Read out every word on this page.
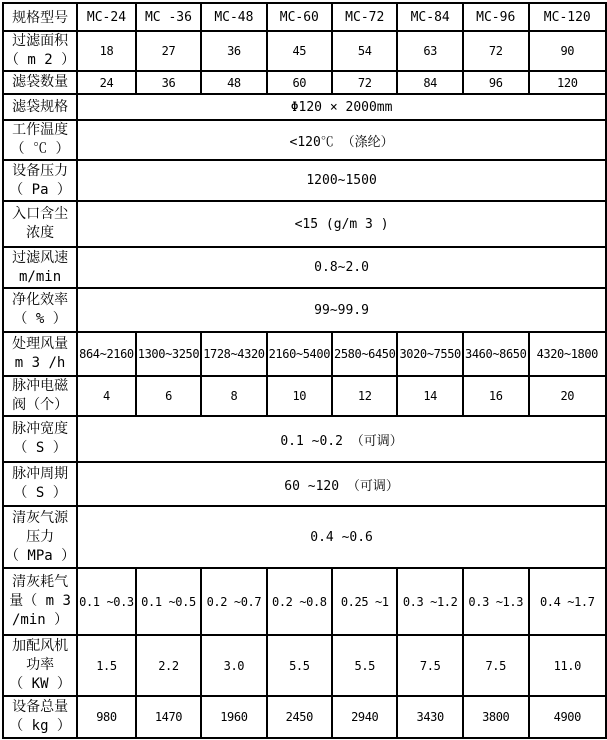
规格型号	MC-24	MC -36	MC-48	MC-60	MC-72	MC-84	MC-96	MC-120

过滤面积
（ m 2 ）	18	27	36	45	54	63	72	90

滤袋数量	24	36	48	60	72	84	96	120

滤袋规格	Φ120 × 2000mm							

工作温度
（ ℃ ）	<120℃ （涤纶）							

设备压力
（ Pa ）	1200~1500							

入口含尘
浓度	<15 (g/m 3 )							

过滤风速
m/min	0.8~2.0							

净化效率
（ % ）	99~99.9							

处理风量
m 3 /h	864~2160	1300~3250	1728~4320	2160~5400	2580~6450	3020~7550	3460~8650	4320~1800

脉冲电磁
阀（个）	4	6	8	10	12	14	16	20

脉冲宽度
（ S ）	0.1 ~0.2 （可调）							

脉冲周期
（ S ）	60 ~120 （可调）							

清灰气源
压力
（ MPa ）	0.4 ~0.6							

清灰耗气
量（ m 3
/min ）	0.1 ~0.3	0.1 ~0.5	0.2 ~0.7	0.2 ~0.8	0.25 ~1	0.3 ~1.2	0.3 ~1.3	0.4 ~1.7

加配风机
功率
（ KW ）	1.5	2.2	3.0	5.5	5.5	7.5	7.5	11.0

设备总量
（ kg ）	980	1470	1960	2450	2940	3430	3800	4900
